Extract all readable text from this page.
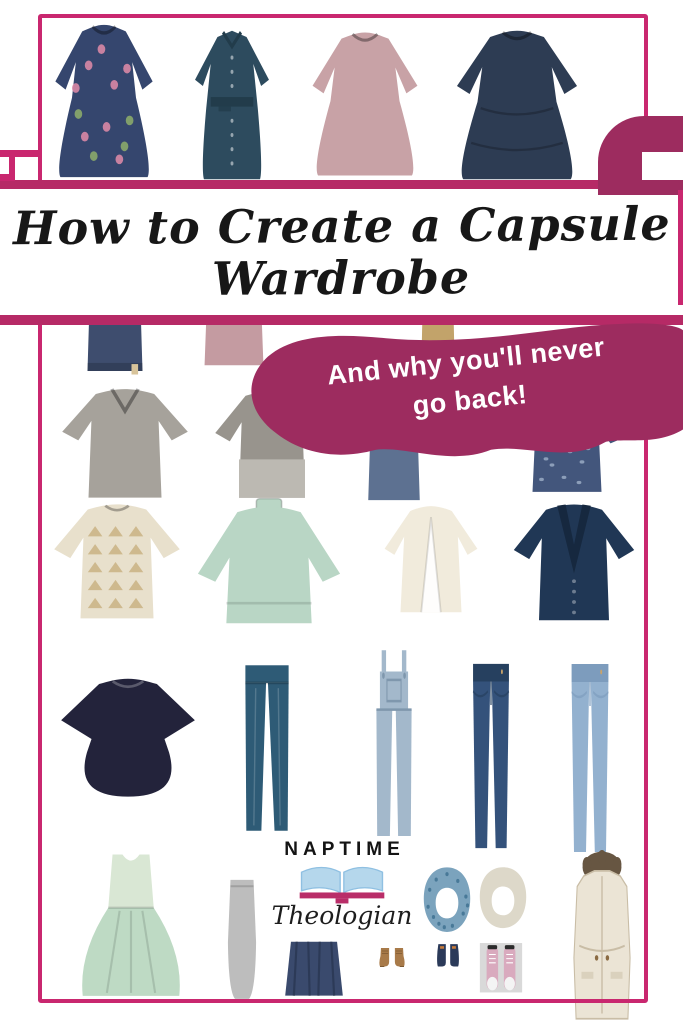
NAPTIME
Theologian
How to Create a Capsule
Wardrobe
And why you'll never
go back!
